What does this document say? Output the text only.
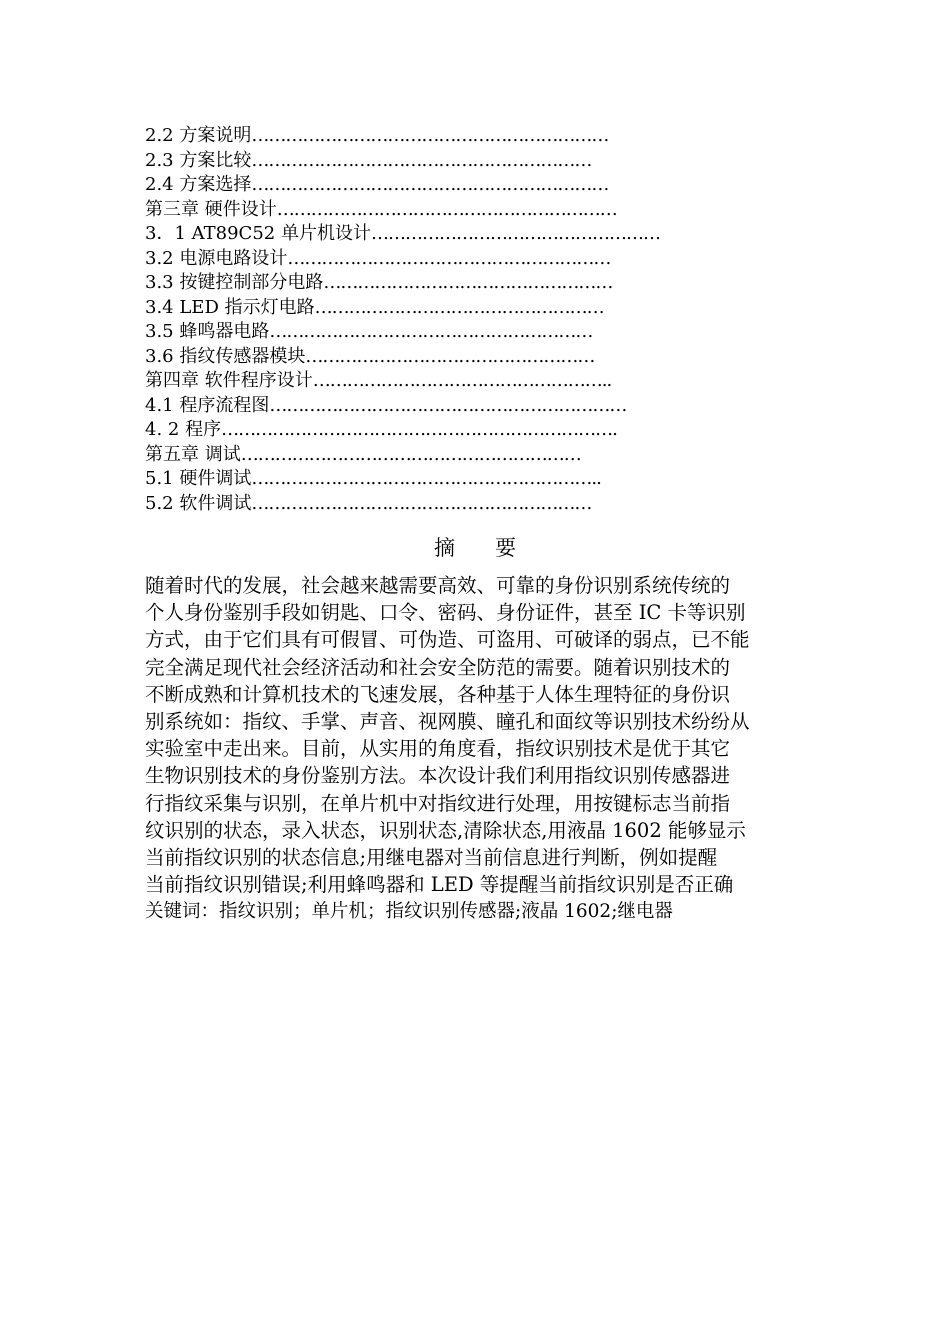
2.2 方案说明………………………………………………………
2.3 方案比较……………………………………………………
2.4 方案选择………………………………………………………
第三章 硬件设计……………………………………………………
3．1 AT89C52 单片机设计……………………………………………
3.2 电源电路设计…………………………………………………
3.3 按键控制部分电路……………………………………………
3.4 LED 指示灯电路……………………………………………
3.5 蜂鸣器电路…………………………………………………
3.6 指纹传感器模块……………………………………………
第四章 软件程序设计……………………………………………..
4.1 程序流程图………………………………………………………
4. 2 程序…………………………………………………………….
第五章 调试……………………………………………………
5.1 硬件调试……………………………………………………..
5.2 软件调试……………………………………………………
摘      要
随着时代的发展，社会越来越需要高效、可靠的身份识别系统传统的
个人身份鉴别手段如钥匙、口令、密码、身份证件，甚至 IC 卡等识别
方式，由于它们具有可假冒、可伪造、可盗用、可破译的弱点，已不能
完全满足现代社会经济活动和社会安全防范的需要。随着识别技术的
不断成熟和计算机技术的飞速发展，各种基于人体生理特征的身份识
别系统如：指纹、手掌、声音、视网膜、瞳孔和面纹等识别技术纷纷从
实验室中走出来。目前，从实用的角度看，指纹识别技术是优于其它
生物识别技术的身份鉴别方法。本次设计我们利用指纹识别传感器进
行指纹采集与识别，在单片机中对指纹进行处理，用按键标志当前指
纹识别的状态，录入状态，识别状态,清除状态,用液晶 1602 能够显示
当前指纹识别的状态信息;用继电器对当前信息进行判断，例如提醒
当前指纹识别错误;利用蜂鸣器和 LED 等提醒当前指纹识别是否正确
关键词：指纹识别；单片机；指纹识别传感器;液晶 1602;继电器
